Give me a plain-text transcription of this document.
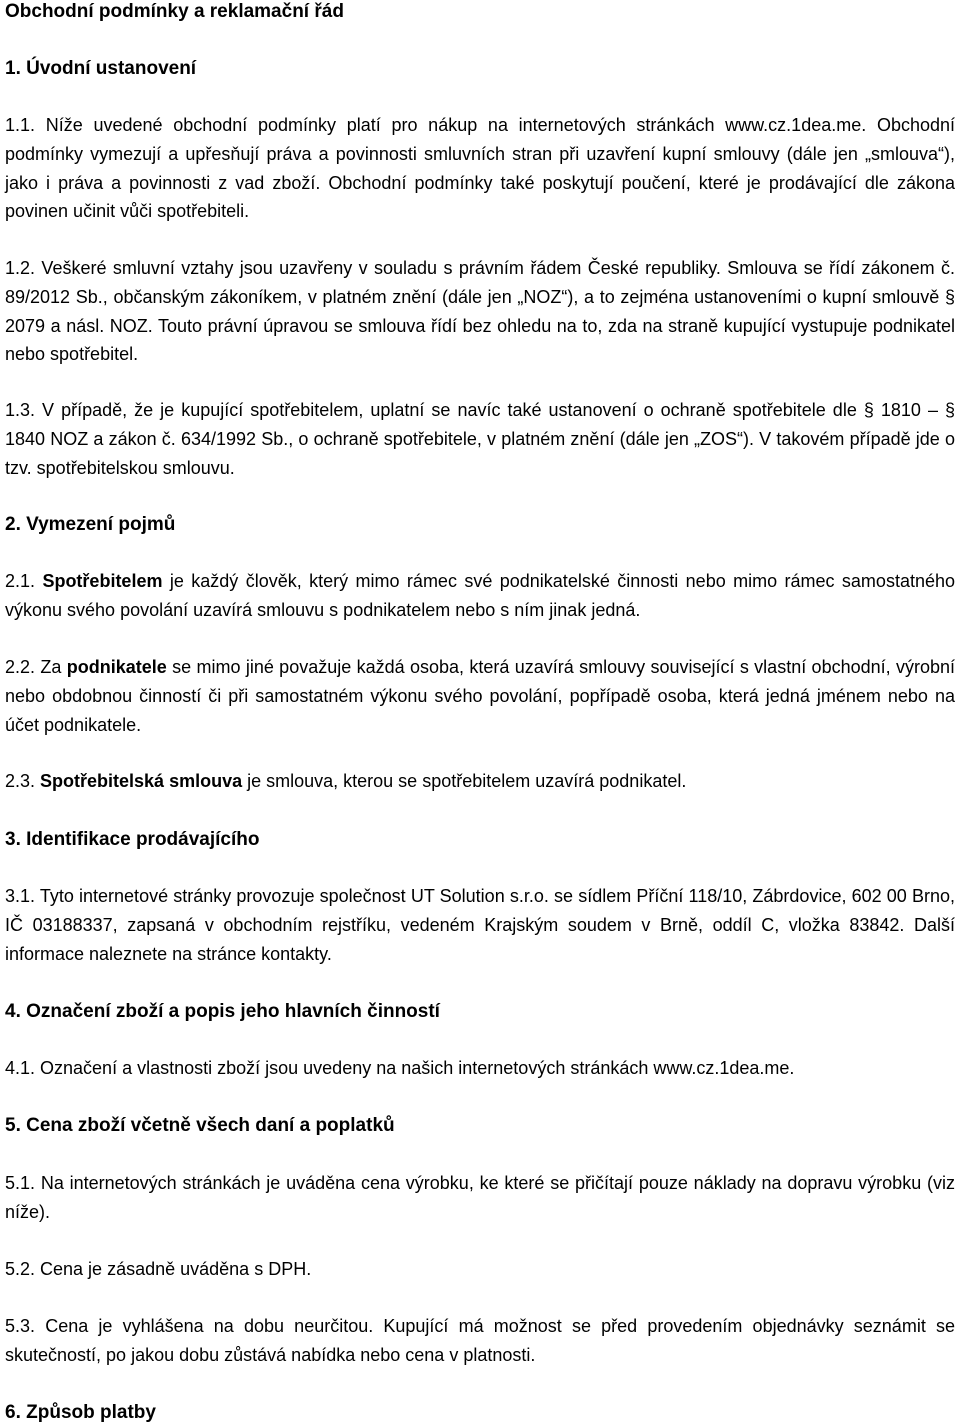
Obchodní podmínky a reklamační řád
1. Úvodní ustanovení
1.1. Níže uvedené obchodní podmínky platí pro nákup na internetových stránkách www.cz.1dea.me. Obchodní podmínky vymezují a upřesňují práva a povinnosti smluvních stran při uzavření kupní smlouvy (dále jen „smlouva“), jako i práva a povinnosti z vad zboží. Obchodní podmínky také poskytují poučení, které je prodávající dle zákona povinen učinit vůči spotřebiteli.
1.2. Veškeré smluvní vztahy jsou uzavřeny v souladu s právním řádem České republiky. Smlouva se řídí zákonem č. 89/2012 Sb., občanským zákoníkem, v platném znění (dále jen „NOZ“), a to zejména ustanoveními o kupní smlouvě § 2079 a násl. NOZ. Touto právní úpravou se smlouva řídí bez ohledu na to, zda na straně kupující vystupuje podnikatel nebo spotřebitel.
1.3. V případě, že je kupující spotřebitelem, uplatní se navíc také ustanovení o ochraně spotřebitele dle § 1810 – § 1840 NOZ a zákon č. 634/1992 Sb., o ochraně spotřebitele, v platném znění (dále jen „ZOS“). V takovém případě jde o tzv. spotřebitelskou smlouvu.
2. Vymezení pojmů
2.1. Spotřebitelem je každý člověk, který mimo rámec své podnikatelské činnosti nebo mimo rámec samostatného výkonu svého povolání uzavírá smlouvu s podnikatelem nebo s ním jinak jedná.
2.2. Za podnikatele se mimo jiné považuje každá osoba, která uzavírá smlouvy související s vlastní obchodní, výrobní nebo obdobnou činností či při samostatném výkonu svého povolání, popřípadě osoba, která jedná jménem nebo na účet podnikatele.
2.3. Spotřebitelská smlouva je smlouva, kterou se spotřebitelem uzavírá podnikatel.
3. Identifikace prodávajícího
3.1. Tyto internetové stránky provozuje společnost UT Solution s.r.o. se sídlem Příční 118/10, Zábrdovice, 602 00 Brno, IČ 03188337, zapsaná v obchodním rejstříku, vedeném Krajským soudem v Brně, oddíl C, vložka 83842. Další informace naleznete na stránce kontakty.
4. Označení zboží a popis jeho hlavních činností
4.1. Označení a vlastnosti zboží jsou uvedeny na našich internetových stránkách www.cz.1dea.me.
5. Cena zboží včetně všech daní a poplatků
5.1. Na internetových stránkách je uváděna cena výrobku, ke které se přičítají pouze náklady na dopravu výrobku (viz níže).
5.2. Cena je zásadně uváděna s DPH.
5.3. Cena je vyhlášena na dobu neurčitou. Kupující má možnost se před provedením objednávky seznámit se skutečností, po jakou dobu zůstává nabídka nebo cena v platnosti.
6. Způsob platby
